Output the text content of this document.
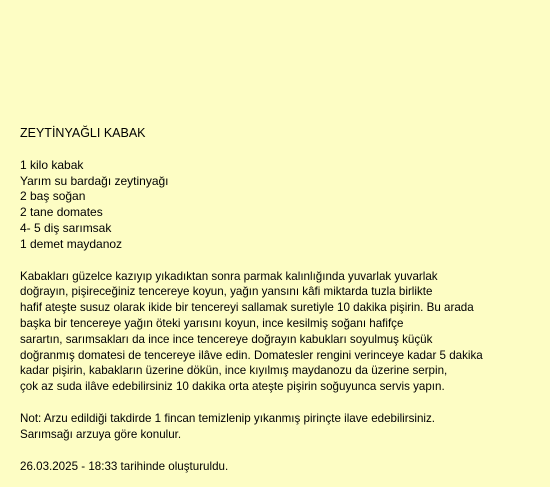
ZEYTİNYAĞLI KABAK
1 kilo kabak
Yarım su bardağı zeytinyağı
2 baş soğan
2 tane domates
4- 5 diş sarımsak
1 demet maydanoz
Kabakları güzelce kazıyıp yıkadıktan sonra parmak kalınlığında yuvarlak yuvarlak
doğrayın, pişireceğiniz tencereye koyun, yağın yansını kâfi miktarda tuzla birlikte
hafif ateşte susuz olarak ikide bir tencereyi sallamak suretiyle 10 dakika pişirin. Bu arada
başka bir tencereye yağın öteki yarısını koyun, ince kesilmiş soğanı hafifçe
sarartın, sarımsakları da ince ince tencereye doğrayın kabukları soyulmuş küçük
doğranmış domatesi de tencereye ilâve edin. Domatesler rengini verinceye kadar 5 dakika
kadar pişirin, kabakların üzerine dökün, ince kıyılmış maydanozu da üzerine serpin,
çok az suda ilâve edebilirsiniz 10 dakika orta ateşte pişirin soğuyunca servis yapın.
Not: Arzu edildiği takdirde 1 fincan temizlenip yıkanmış pirinçte ilave edebilirsiniz.
Sarımsağı arzuya göre konulur.
26.03.2025 - 18:33 tarihinde oluşturuldu.
